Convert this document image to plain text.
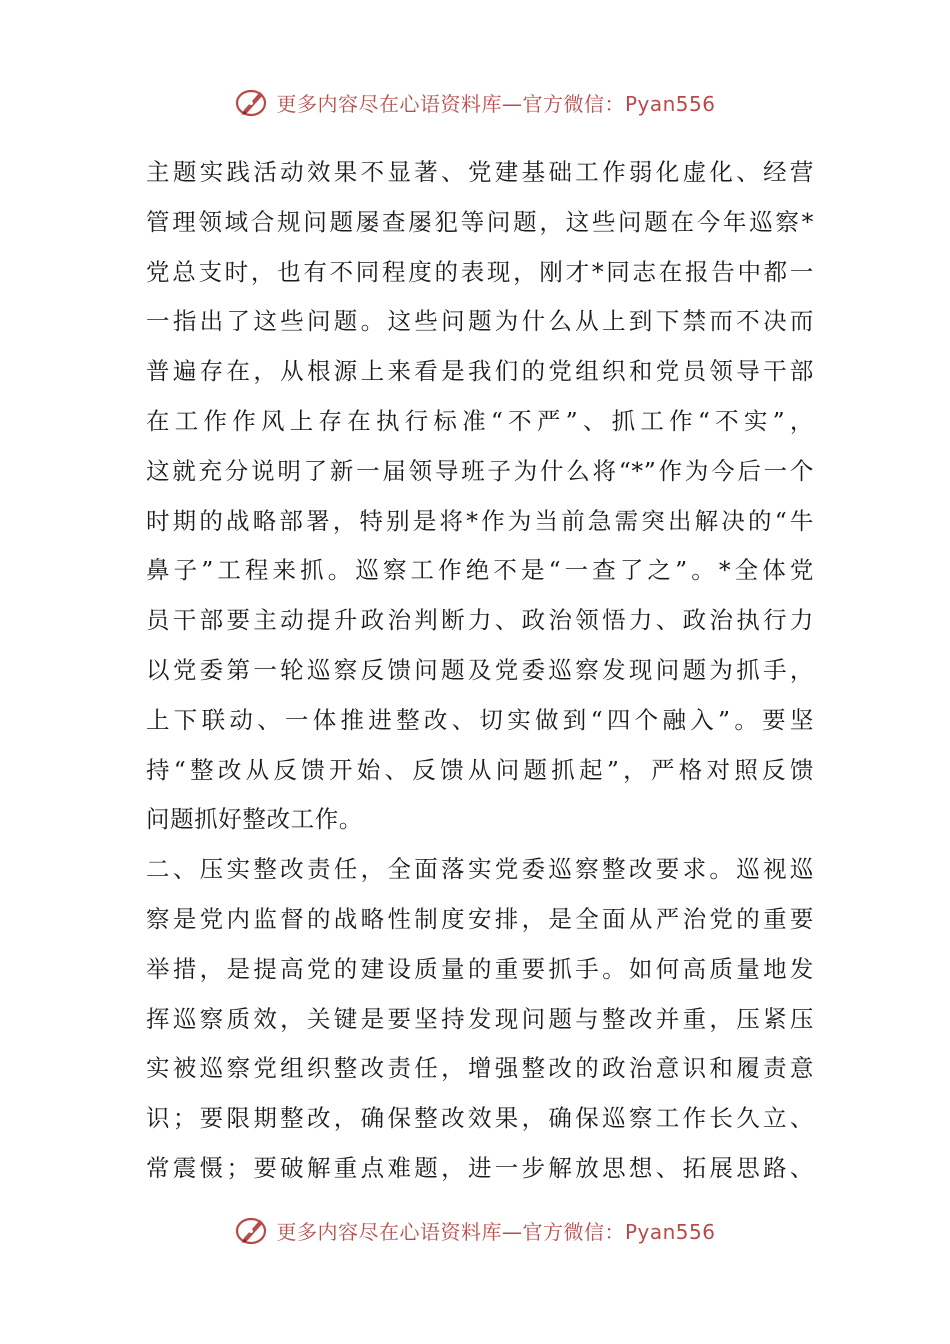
更多内容尽在心语资料库—官方微信：Pyan556
主题实践活动效果不显著、党建基础工作弱化虚化、经营
管理领域合规问题屡查屡犯等问题，这些问题在今年巡察*
党总支时，也有不同程度的表现，刚才*同志在报告中都一
一指出了这些问题。这些问题为什么从上到下禁而不决而
普遍存在，从根源上来看是我们的党组织和党员领导干部
在工作作风上存在执行标准“不严”、抓工作“不实”，
这就充分说明了新一届领导班子为什么将“*”作为今后一个
时期的战略部署，特别是将*作为当前急需突出解决的“牛
鼻子”工程来抓。巡察工作绝不是“一查了之”。*全体党
员干部要主动提升政治判断力、政治领悟力、政治执行力
以党委第一轮巡察反馈问题及党委巡察发现问题为抓手，
上下联动、一体推进整改、切实做到“四个融入”。要坚
持“整改从反馈开始、反馈从问题抓起”，严格对照反馈
问题抓好整改工作。
二、压实整改责任，全面落实党委巡察整改要求。巡视巡
察是党内监督的战略性制度安排，是全面从严治党的重要
举措，是提高党的建设质量的重要抓手。如何高质量地发
挥巡察质效，关键是要坚持发现问题与整改并重，压紧压
实被巡察党组织整改责任，增强整改的政治意识和履责意
识；要限期整改，确保整改效果，确保巡察工作长久立、
常震慑；要破解重点难题，进一步解放思想、拓展思路、
更多内容尽在心语资料库—官方微信：Pyan556
